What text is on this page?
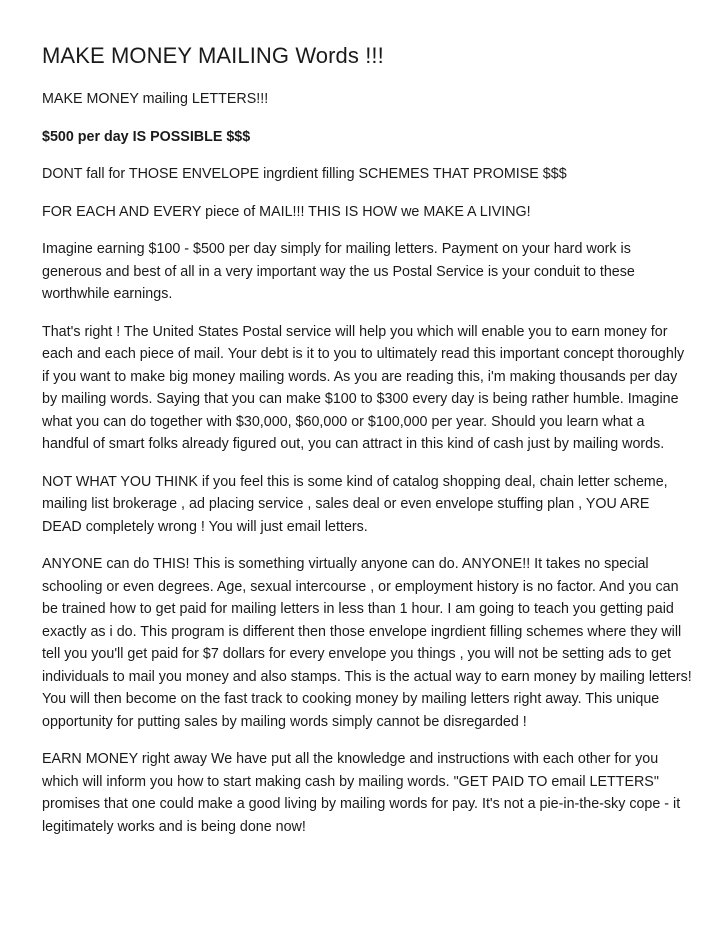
MAKE MONEY MAILING Words !!!

MAKE MONEY mailing LETTERS!!!

$500 per day IS POSSIBLE $$$

DONT fall for THOSE ENVELOPE ingrdient filling SCHEMES THAT PROMISE $$$

FOR EACH AND EVERY piece of MAIL!!! THIS IS HOW we MAKE A LIVING!

Imagine earning $100 - $500 per day simply for mailing letters. Payment on your hard work is generous and best of all in a very important way the us Postal Service is your conduit to these worthwhile earnings.

That's right ! The United States Postal service will help you which will enable you to earn money for each and each piece of mail. Your debt is it to you to ultimately read this important concept thoroughly if you want to make big money mailing words. As you are reading this, i'm making thousands per day by mailing words. Saying that you can make $100 to $300 every day is being rather humble. Imagine what you can do together with $30,000, $60,000 or $100,000 per year. Should you learn what a handful of smart folks already figured out, you can attract in this kind of cash just by mailing words.

NOT WHAT YOU THINK if you feel this is some kind of catalog shopping deal, chain letter scheme, mailing list brokerage , ad placing service , sales deal or even envelope stuffing plan , YOU ARE DEAD completely wrong ! You will just email letters.

ANYONE can do THIS! This is something virtually anyone can do. ANYONE!! It takes no special schooling or even degrees. Age, sexual intercourse , or employment history is no factor. And you can be trained how to get paid for mailing letters in less than 1 hour. I am going to teach you getting paid exactly as i do. This program is different then those envelope ingrdient filling schemes where they will tell you you'll get paid for $7 dollars for every envelope you things , you will not be setting ads to get individuals to mail you money and also stamps. This is the actual way to earn money by mailing letters! You will then become on the fast track to cooking money by mailing letters right away. This unique opportunity for putting sales by mailing words simply cannot be disregarded !

EARN MONEY right away We have put all the knowledge and instructions with each other for you which will inform you how to start making cash by mailing words. "GET PAID TO email LETTERS" promises that one could make a good living by mailing words for pay. It's not a pie-in-the-sky cope - it legitimately works and is being done now!
